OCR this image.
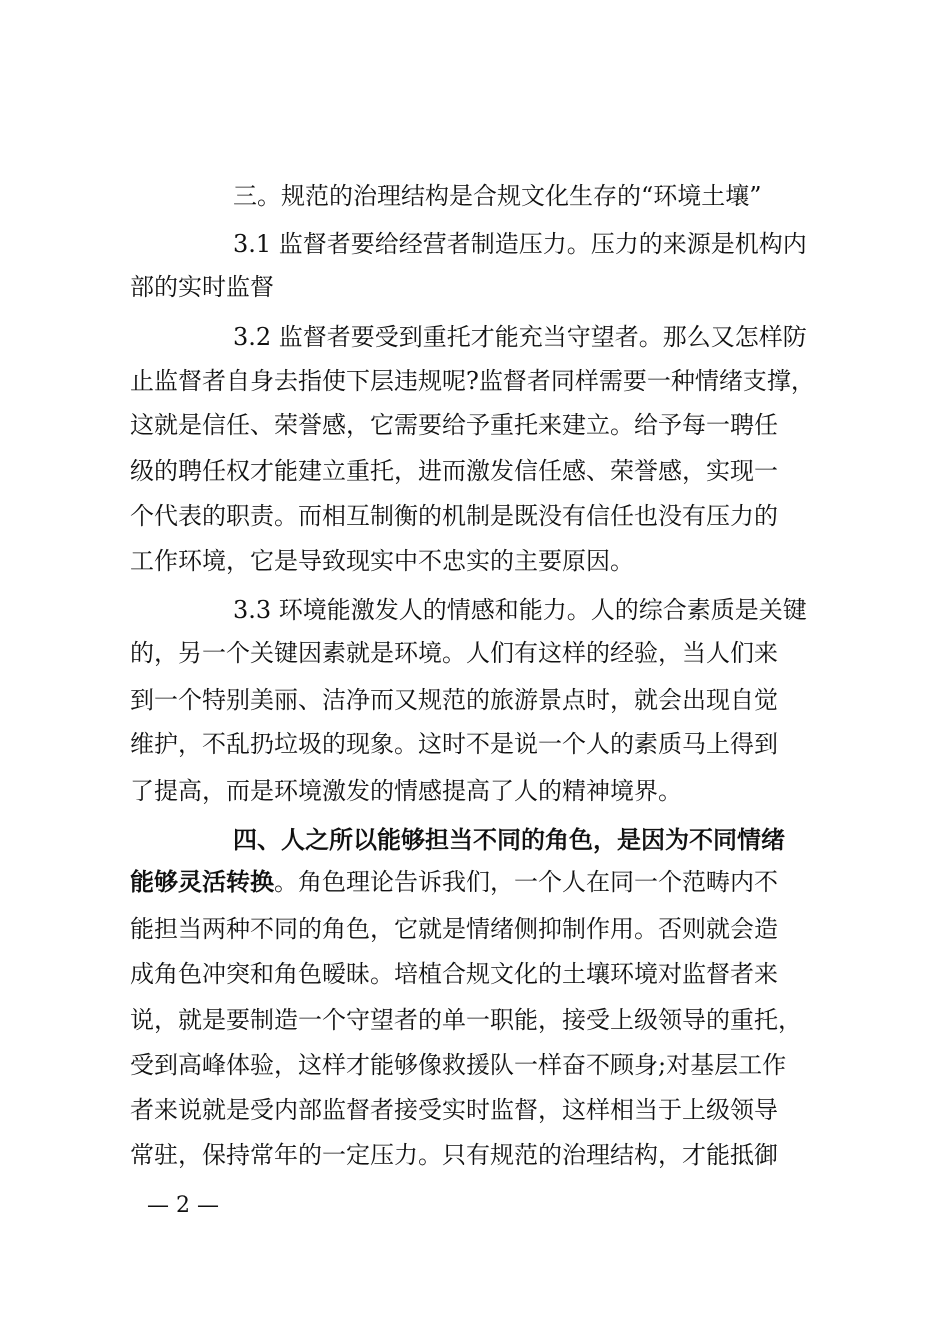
三。规范的治理结构是合规文化生存的“环境土壤”
3.1 监督者要给经营者制造压力。压力的来源是机构内
部的实时监督
3.2 监督者要受到重托才能充当守望者。那么又怎样防
止监督者自身去指使下层违规呢?监督者同样需要一种情绪支撑，
这就是信任、荣誉感，它需要给予重托来建立。给予每一聘任
级的聘任权才能建立重托，进而激发信任感、荣誉感，实现一
个代表的职责。而相互制衡的机制是既没有信任也没有压力的
工作环境，它是导致现实中不忠实的主要原因。
3.3 环境能激发人的情感和能力。人的综合素质是关键
的，另一个关键因素就是环境。人们有这样的经验，当人们来
到一个特别美丽、洁净而又规范的旅游景点时，就会出现自觉
维护，不乱扔垃圾的现象。这时不是说一个人的素质马上得到
了提高，而是环境激发的情感提高了人的精神境界。
四、人之所以能够担当不同的角色，是因为不同情绪
能够灵活转换。角色理论告诉我们，一个人在同一个范畴内不
能担当两种不同的角色，它就是情绪侧抑制作用。否则就会造
成角色冲突和角色暧昧。培植合规文化的土壤环境对监督者来
说，就是要制造一个守望者的单一职能，接受上级领导的重托，
受到高峰体验，这样才能够像救援队一样奋不顾身;对基层工作
者来说就是受内部监督者接受实时监督，这样相当于上级领导
常驻，保持常年的一定压力。只有规范的治理结构，才能抵御
— 2 —
